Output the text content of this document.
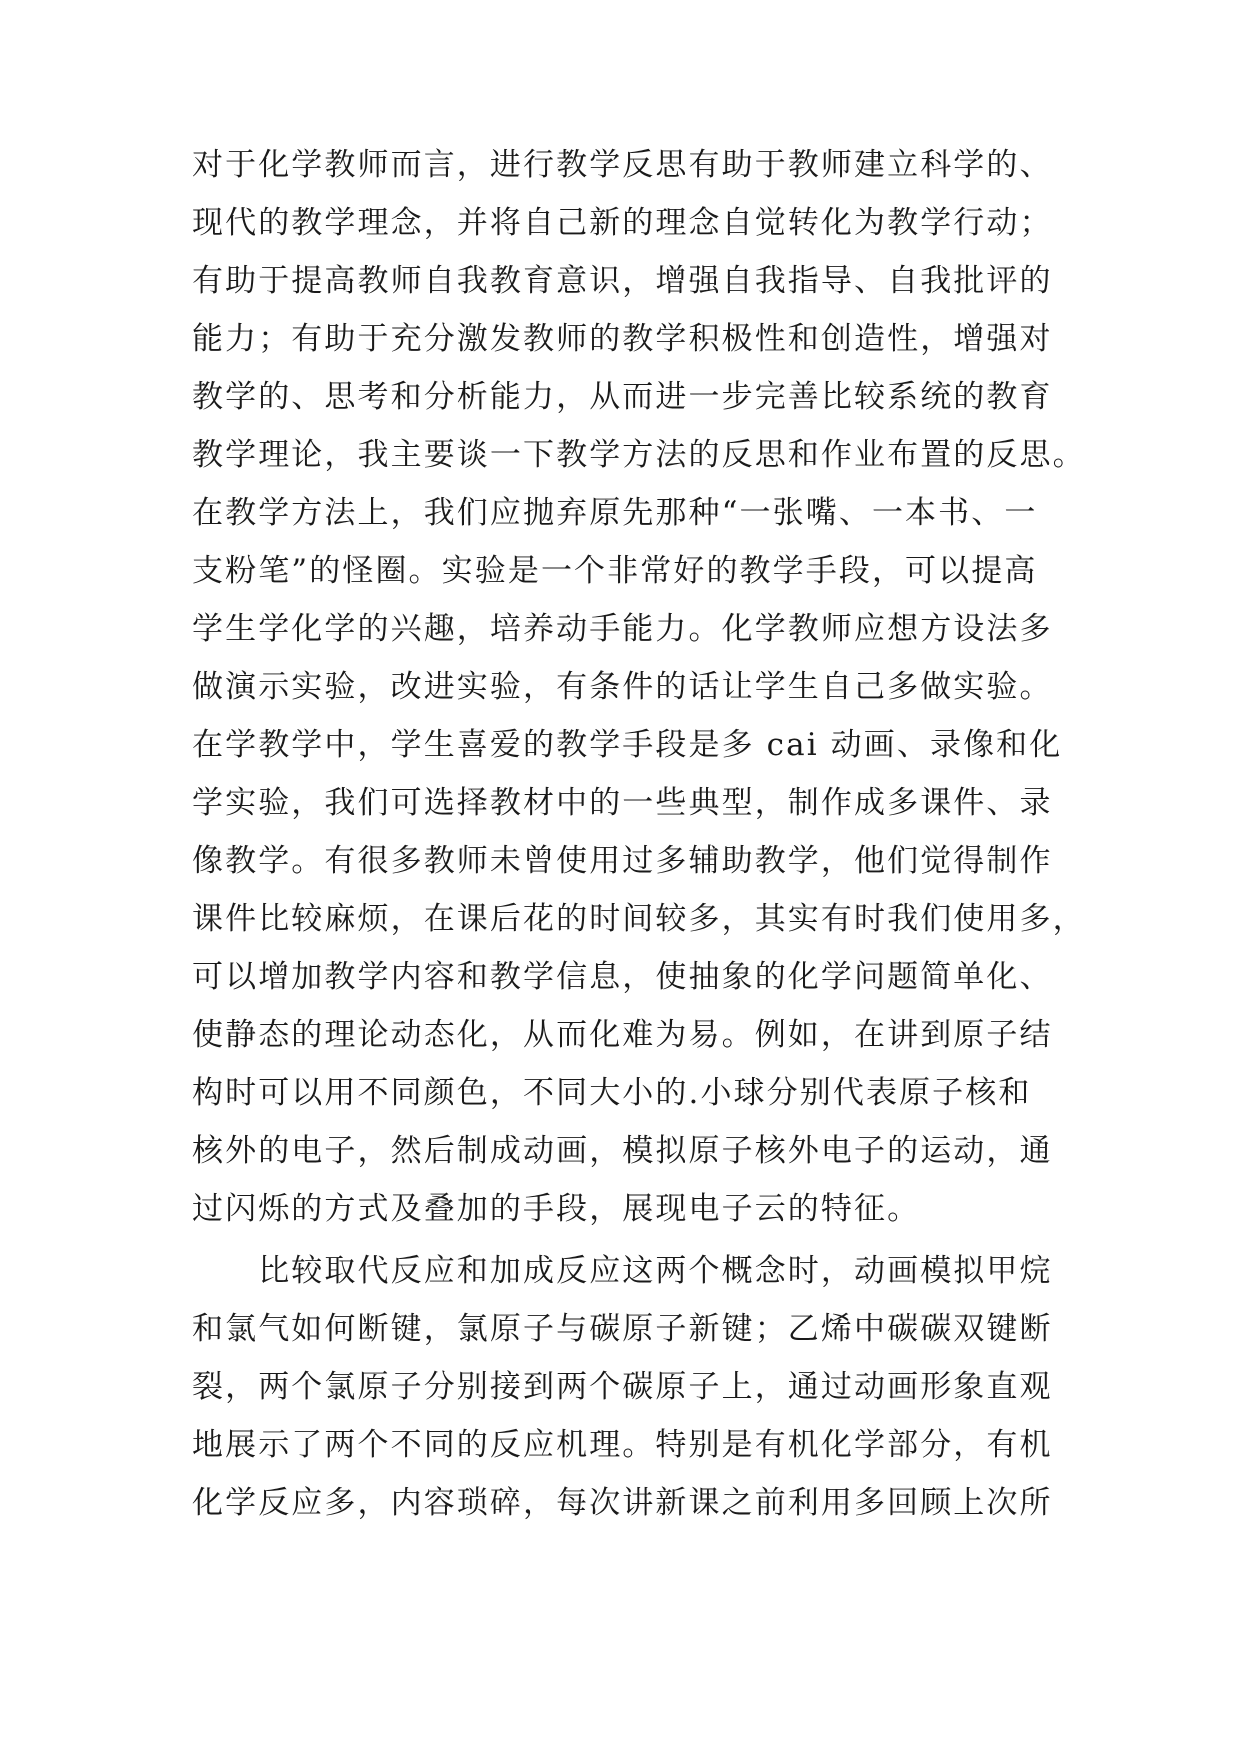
对于化学教师而言，进行教学反思有助于教师建立科学的、
现代的教学理念，并将自己新的理念自觉转化为教学行动；
有助于提高教师自我教育意识，增强自我指导、自我批评的
能力；有助于充分激发教师的教学积极性和创造性，增强对
教学的、思考和分析能力，从而进一步完善比较系统的教育
教学理论，我主要谈一下教学方法的反思和作业布置的反思。
在教学方法上，我们应抛弃原先那种“一张嘴、一本书、一
支粉笔”的怪圈。实验是一个非常好的教学手段，可以提高
学生学化学的兴趣，培养动手能力。化学教师应想方设法多
做演示实验，改进实验，有条件的话让学生自己多做实验。
在学教学中，学生喜爱的教学手段是多 cai 动画、录像和化
学实验，我们可选择教材中的一些典型，制作成多课件、录
像教学。有很多教师未曾使用过多辅助教学，他们觉得制作
课件比较麻烦，在课后花的时间较多，其实有时我们使用多，
可以增加教学内容和教学信息，使抽象的化学问题简单化、
使静态的理论动态化，从而化难为易。例如，在讲到原子结
构时可以用不同颜色，不同大小的.小球分别代表原子核和
核外的电子，然后制成动画，模拟原子核外电子的运动，通
过闪烁的方式及叠加的手段，展现电子云的特征。
　　比较取代反应和加成反应这两个概念时，动画模拟甲烷
和氯气如何断键，氯原子与碳原子新键；乙烯中碳碳双键断
裂，两个氯原子分别接到两个碳原子上，通过动画形象直观
地展示了两个不同的反应机理。特别是有机化学部分，有机
化学反应多，内容琐碎，每次讲新课之前利用多回顾上次所
